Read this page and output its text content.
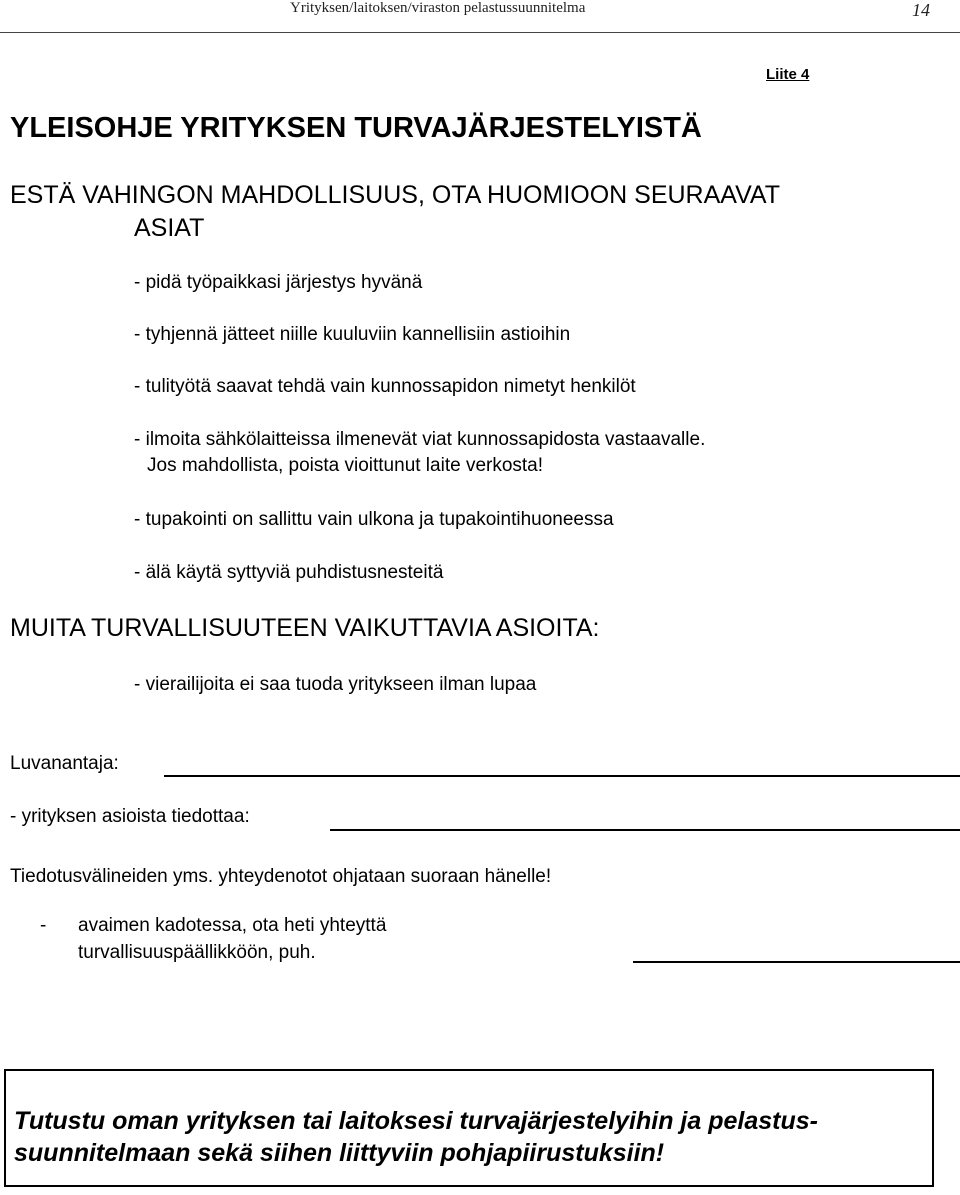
Yrityksen/laitoksen/viraston pelastussuunnitelma	14
Liite 4
YLEISOHJE YRITYKSEN TURVAJÄRJESTELYISTÄ
ESTÄ VAHINGON MAHDOLLISUUS, OTA HUOMIOON SEURAAVAT
ASIAT
- pidä työpaikkasi järjestys hyvänä
- tyhjennä jätteet niille kuuluviin kannellisiin astioihin
- tulityötä saavat tehdä vain kunnossapidon nimetyt henkilöt
- ilmoita sähkölaitteissa ilmenevät viat kunnossapidosta vastaavalle.
Jos mahdollista, poista vioittunut laite verkosta!
- tupakointi on sallittu vain ulkona ja tupakointihuoneessa
- älä käytä syttyviä puhdistusnesteitä
MUITA TURVALLISUUTEEN VAIKUTTAVIA ASIOITA:
- vierailijoita ei saa tuoda yritykseen ilman lupaa
Luvanantaja:
- yrityksen asioista tiedottaa:
Tiedotusvälineiden yms. yhteydenotot ohjataan suoraan hänelle!
- avaimen kadotessa, ota heti yhteyttä
turvallisuuspäällikköön, puh.
Tutustu oman yrityksen tai laitoksesi turvajärjestelyihin ja pelastus-
suunnitelmaan sekä siihen liittyviin pohjapiirustuksiin!
